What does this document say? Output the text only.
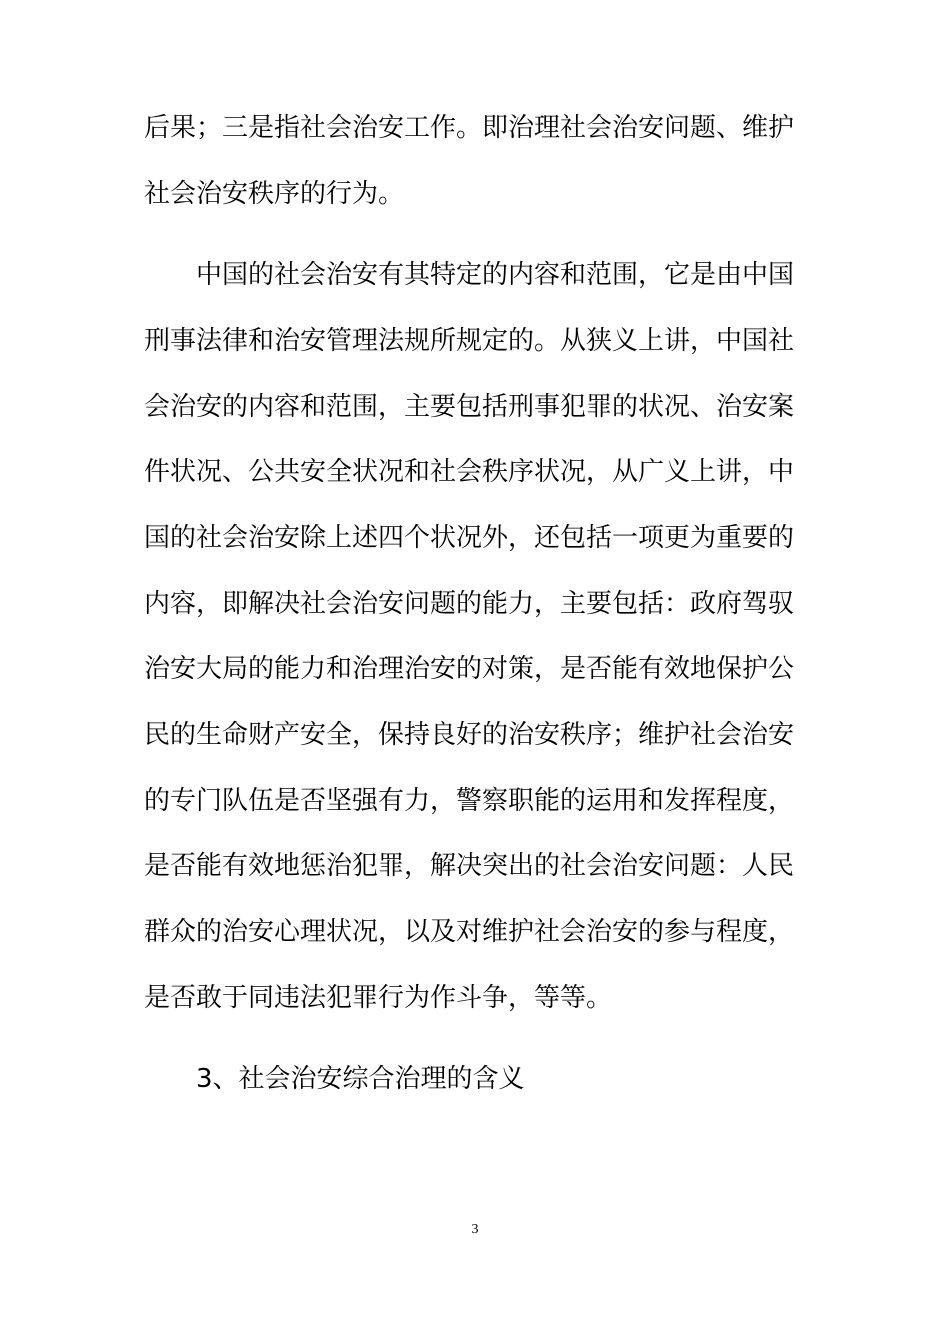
后果；三是指社会治安工作。即治理社会治安问题、维护
社会治安秩序的行为。
中国的社会治安有其特定的内容和范围，它是由中国
刑事法律和治安管理法规所规定的。从狭义上讲，中国社
会治安的内容和范围，主要包括刑事犯罪的状况、治安案
件状况、公共安全状况和社会秩序状况，从广义上讲，中
国的社会治安除上述四个状况外，还包括一项更为重要的
内容，即解决社会治安问题的能力，主要包括：政府驾驭
治安大局的能力和治理治安的对策，是否能有效地保护公
民的生命财产安全，保持良好的治安秩序；维护社会治安
的专门队伍是否坚强有力，警察职能的运用和发挥程度，
是否能有效地惩治犯罪，解决突出的社会治安问题：人民
群众的治安心理状况，以及对维护社会治安的参与程度，
是否敢于同违法犯罪行为作斗争，等等。
3、社会治安综合治理的含义
3
